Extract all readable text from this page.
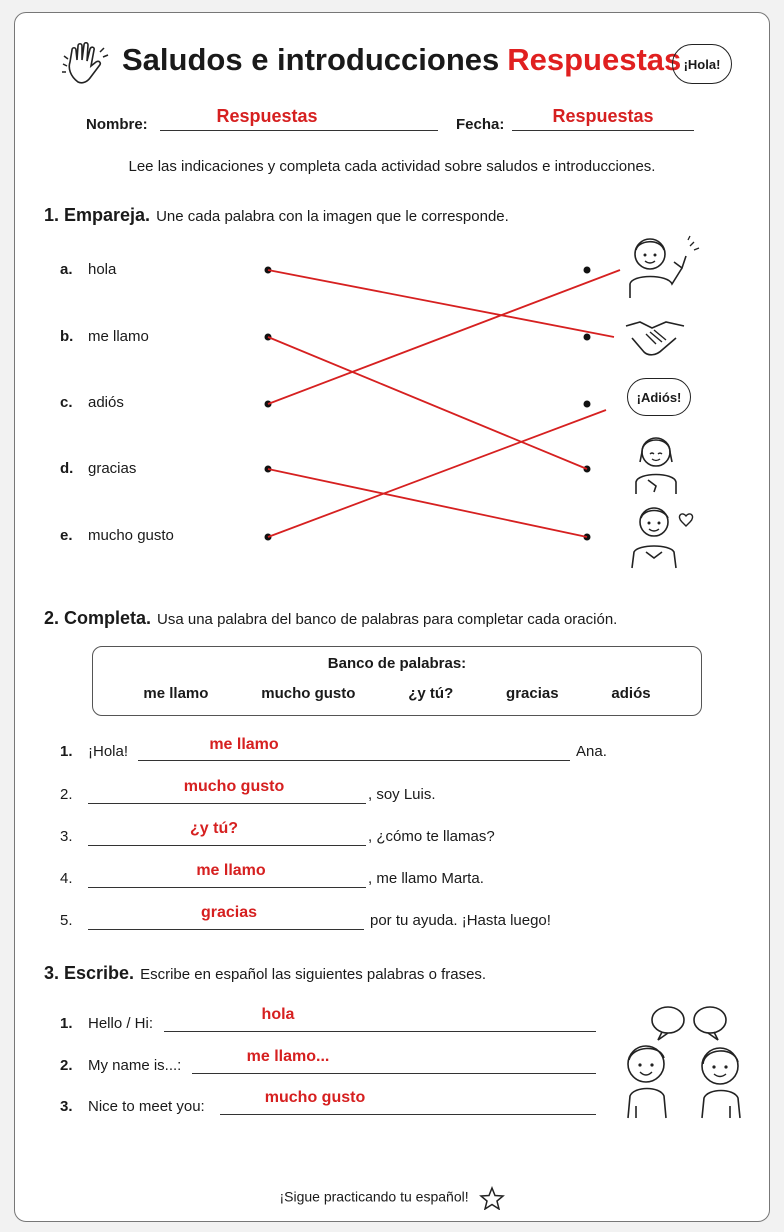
Saludos e introducciones Respuestas ¡Hola!
Nombre:	Respuestas	Fecha:	Respuestas
Lee las indicaciones y completa cada actividad sobre saludos e introducciones.
1. Empareja. Une cada palabra con la imagen que le corresponde.
a. hola
b. me llamo
c. adiós
d. gracias
e. mucho gusto
¡Adiós!
2. Completa. Usa una palabra del banco de palabras para completar cada oración.
Banco de palabras:
me llamo	mucho gusto	¿y tú?	gracias	adiós
1. ¡Hola!	me llamo	Ana.
2.	mucho gusto	, soy Luis.
3.	¿y tú?	, ¿cómo te llamas?
4.	me llamo	, me llamo Marta.
5.	gracias	por tu ayuda. ¡Hasta luego!
3. Escribe. Escribe en español las siguientes palabras o frases.
1. Hello / Hi:
hola
2. My name is...:
me llamo...
3. Nice to meet you:
mucho gusto
¡Sigue practicando tu español!
